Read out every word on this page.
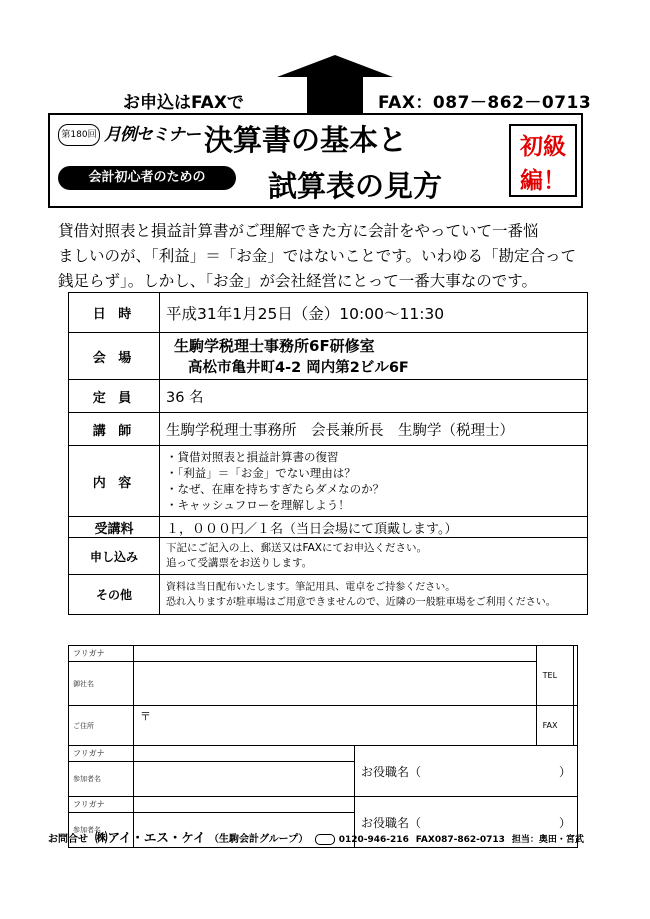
お申込はFAXで	FAX：087－862－0713
第180回 月例セミナー
会計初心者のための
決算書の基本と
試算表の見方
初級
編！
貸借対照表と損益計算書がご理解できた方に会計をやっていて一番悩
ましいのが、「利益」＝「お金」ではないことです。いわゆる「勘定合って
銭足らず」。しかし、「お金」が会社経営にとって一番大事なのです。
日 時	平成31年1月25日（金）10:00～11:30
会 場	生駒学税理士事務所6F研修室
高松市亀井町4-2 岡内第2ビル6F

定 員	36 名
講 師	生駒学税理士事務所　会長兼所長　生駒学（税理士）
内 容	・貸借対照表と損益計算書の復習
・「利益」＝「お金」でない理由は？
・なぜ、在庫を持ちすぎたらダメなのか？
・キャッシュフローを理解しよう！

受講料	１，０００円／１名（当日会場にて頂戴します。）
申し込み	下記にご記入の上、郵送又はFAXにてお申込ください。
追って受講票をお送りします。

その他	資料は当日配布いたします。筆記用具、電卓をご持参ください。
恐れ入りますが駐車場はご用意できませんので、近隣の一般駐車場をご利用ください。
フリガナ			TEL	
御社名				
ご住所	〒		FAX	
フリガナ		お役職名（ ）		

参加者名				
フリガナ		お役職名（ ）		

参加者名				
お問合せ ㈱アイ・エス・ケイ （生駒会計グループ）	0120-946-216 FAX087-862-0713 担当：奥田・宮武
